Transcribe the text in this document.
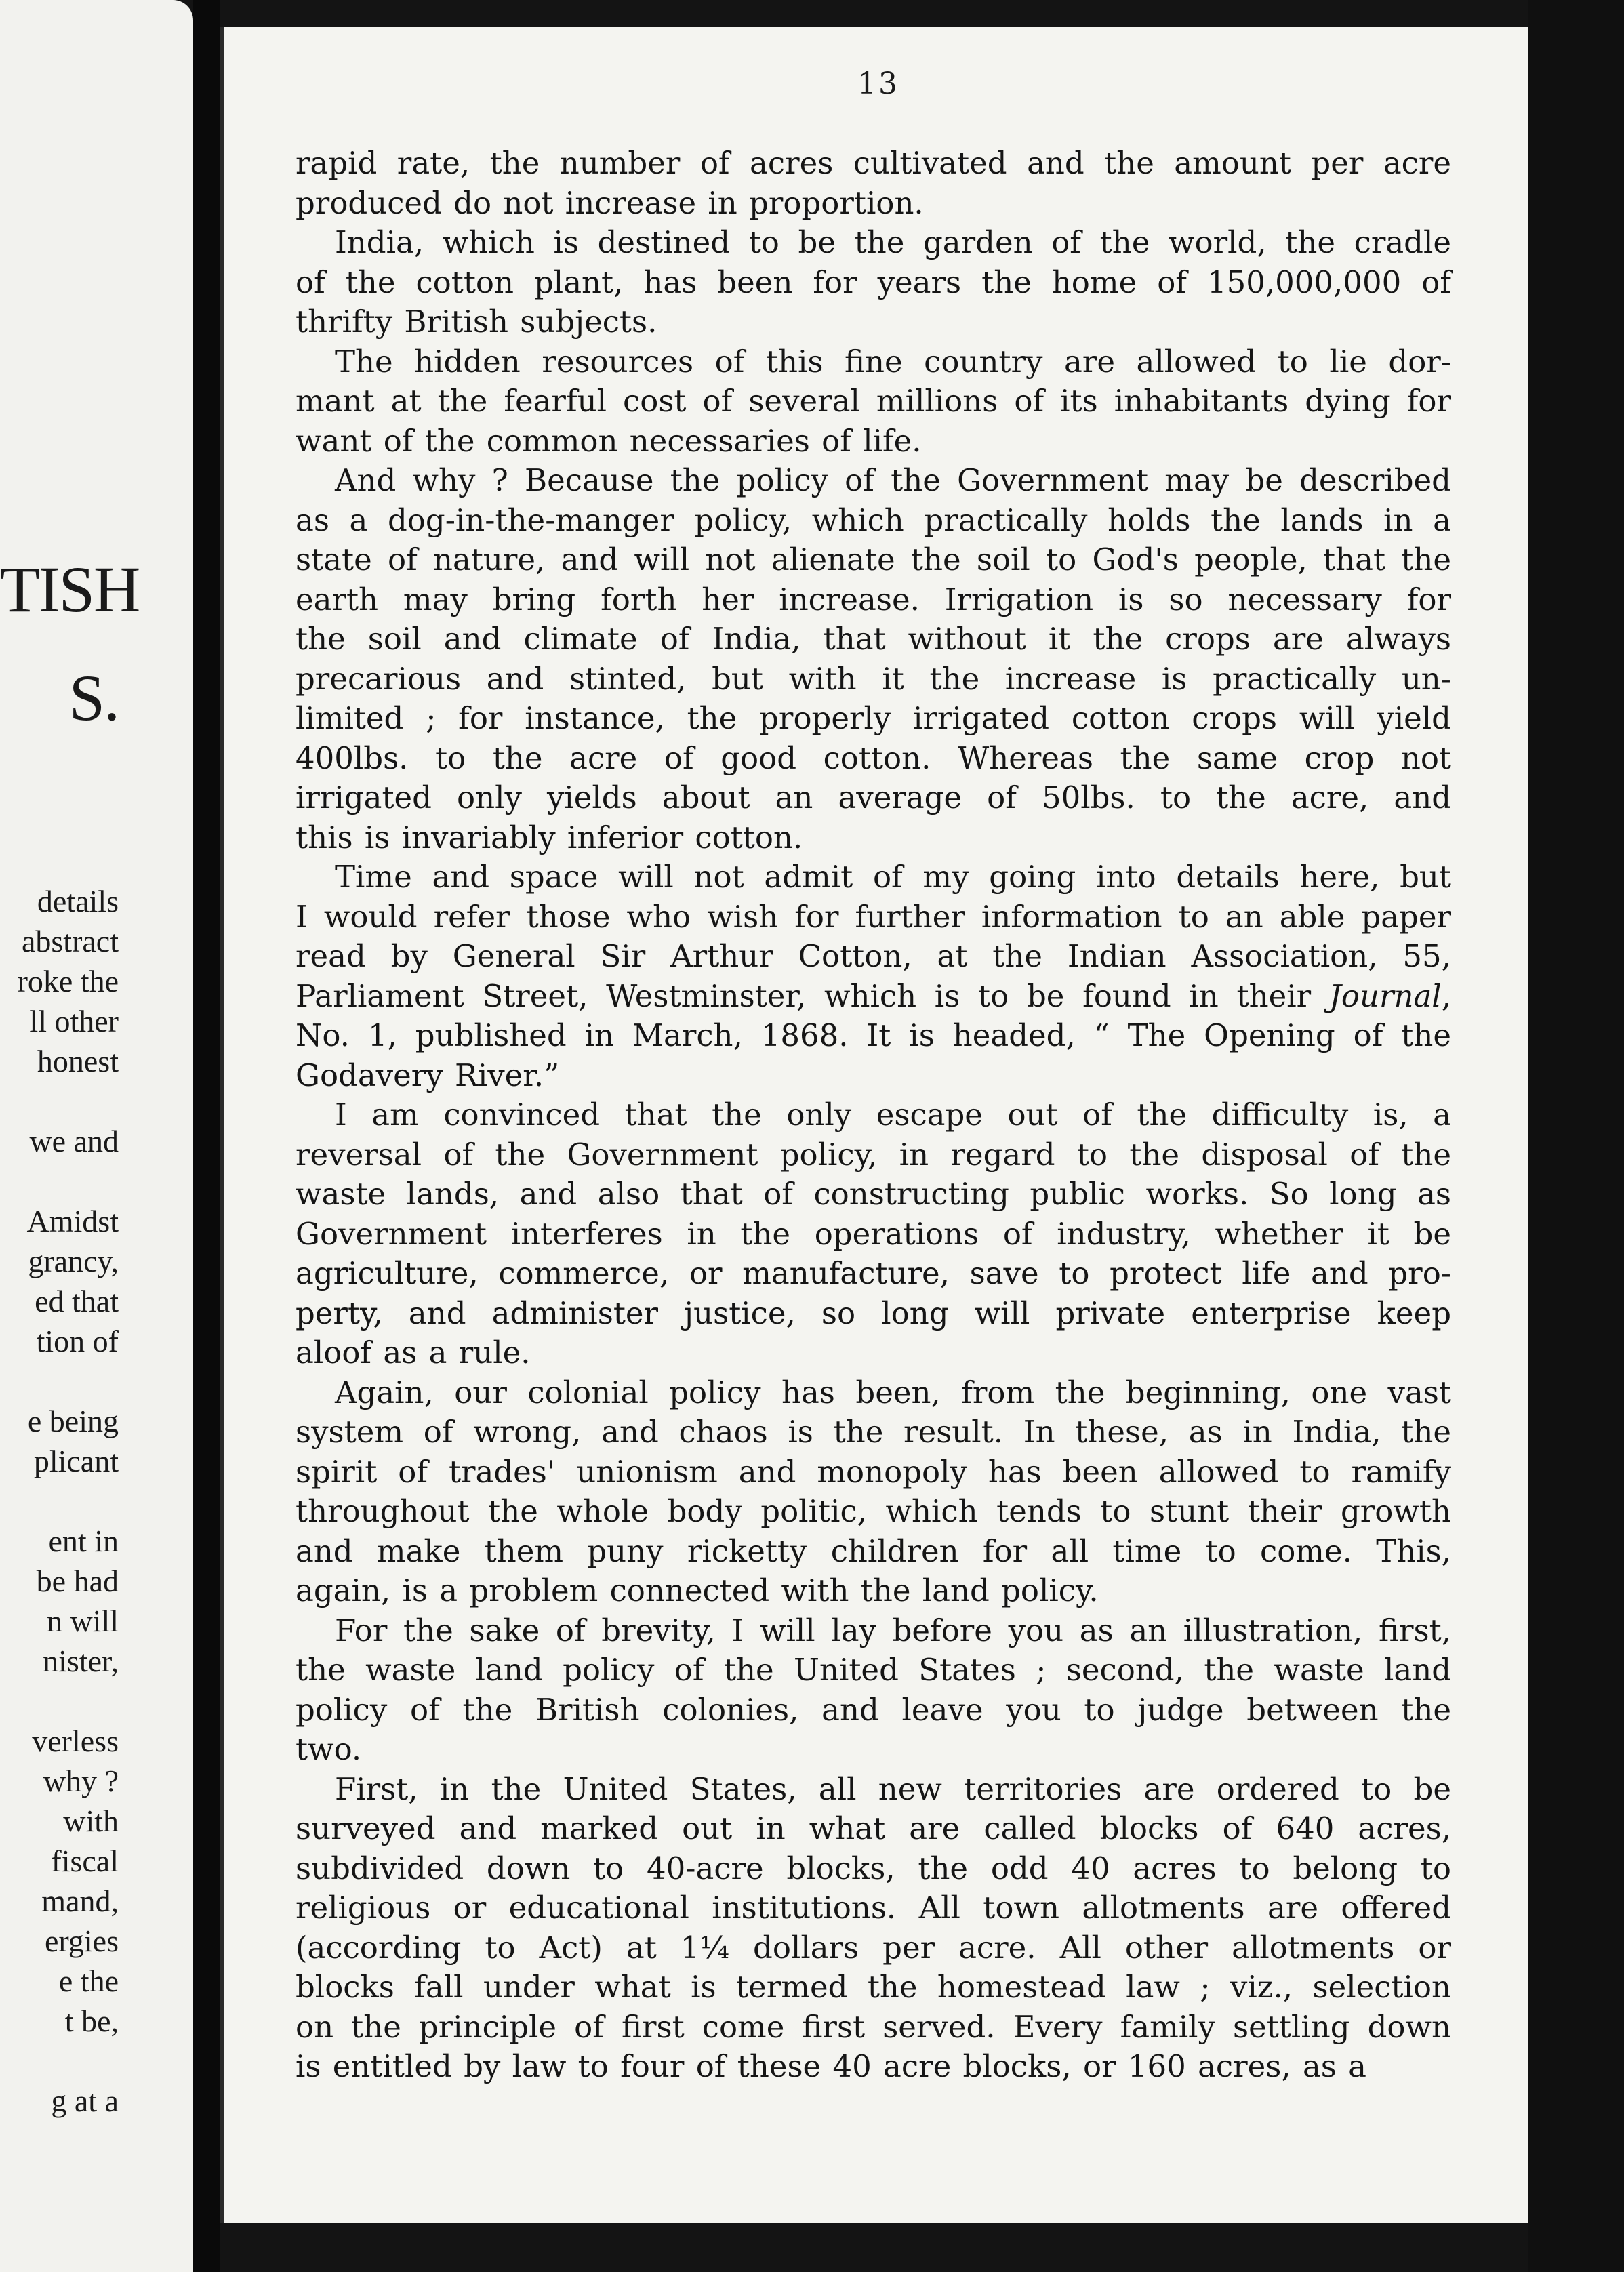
TISH
S.
details
abstract
roke the
ll other
honest
we and
Amidst
grancy,
ed that
tion of
e being
plicant
ent in
be had
n will
nister,
verless
why ?
with
fiscal
mand,
ergies
e the
t be,
g at a
13
rapid rate, the number of acres cultivated and the amount per acre
produced do not increase in proportion.
India, which is destined to be the garden of the world, the cradle
of the cotton plant, has been for years the home of 150,000,000 of
thrifty British subjects.
The hidden resources of this fine country are allowed to lie dor-
mant at the fearful cost of several millions of its inhabitants dying for
want of the common necessaries of life.
And why ? Because the policy of the Government may be described
as a dog-in-the-manger policy, which practically holds the lands in a
state of nature, and will not alienate the soil to God's people, that the
earth may bring forth her increase. Irrigation is so necessary for
the soil and climate of India, that without it the crops are always
precarious and stinted, but with it the increase is practically un-
limited ; for instance, the properly irrigated cotton crops will yield
400lbs. to the acre of good cotton. Whereas the same crop not
irrigated only yields about an average of 50lbs. to the acre, and
this is invariably inferior cotton.
Time and space will not admit of my going into details here, but
I would refer those who wish for further information to an able paper
read by General Sir Arthur Cotton, at the Indian Association, 55,
Parliament Street, Westminster, which is to be found in their Journal,
No. 1, published in March, 1868. It is headed, “ The Opening of the
Godavery River.”
I am convinced that the only escape out of the difficulty is, a
reversal of the Government policy, in regard to the disposal of the
waste lands, and also that of constructing public works. So long as
Government interferes in the operations of industry, whether it be
agriculture, commerce, or manufacture, save to protect life and pro-
perty, and administer justice, so long will private enterprise keep
aloof as a rule.
Again, our colonial policy has been, from the beginning, one vast
system of wrong, and chaos is the result. In these, as in India, the
spirit of trades' unionism and monopoly has been allowed to ramify
throughout the whole body politic, which tends to stunt their growth
and make them puny ricketty children for all time to come. This,
again, is a problem connected with the land policy.
For the sake of brevity, I will lay before you as an illustration, first,
the waste land policy of the United States ; second, the waste land
policy of the British colonies, and leave you to judge between the
two.
First, in the United States, all new territories are ordered to be
surveyed and marked out in what are called blocks of 640 acres,
subdivided down to 40-acre blocks, the odd 40 acres to belong to
religious or educational institutions. All town allotments are offered
(according to Act) at 1¼ dollars per acre. All other allotments or
blocks fall under what is termed the homestead law ; viz., selection
on the principle of first come first served. Every family settling down
is entitled by law to four of these 40 acre blocks, or 160 acres, as a
